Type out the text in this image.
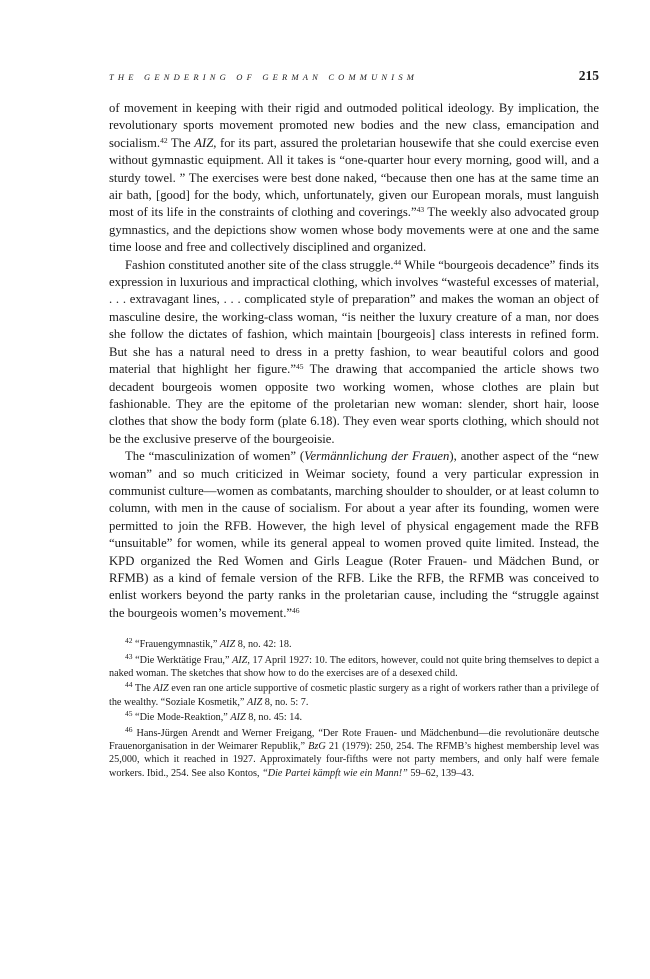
THE GENDERING OF GERMAN COMMUNISM	215

of movement in keeping with their rigid and outmoded political ideology. By implication, the revolutionary sports movement promoted new bodies and the new class, emancipation and socialism.$^{42}$ The AIZ, for its part, assured the proletarian housewife that she could exercise even without gymnastic equipment. All it takes is “one-quarter hour every morning, good will, and a sturdy towel. ” The exercises were best done naked, “because then one has at the same time an air bath, [good] for the body, which, unfortunately, given our European morals, must languish most of its life in the constraints of clothing and coverings.”$^{43}$ The weekly also advocated group gymnastics, and the depictions show women whose body movements were at one and the same time loose and free and collectively disciplined and organized.

Fashion constituted another site of the class struggle.$^{44}$ While “bourgeois decadence” finds its expression in luxurious and impractical clothing, which involves “wasteful excesses of material, . . . extravagant lines, . . . complicated style of preparation” and makes the woman an object of masculine desire, the working-class woman, “is neither the luxury creature of a man, nor does she follow the dictates of fashion, which maintain [bourgeois] class interests in refined form. But she has a natural need to dress in a pretty fashion, to wear beautiful colors and good material that highlight her figure.”$^{45}$ The drawing that accompanied the article shows two decadent bourgeois women opposite two working women, whose clothes are plain but fashionable. They are the epitome of the proletarian new woman: slender, short hair, loose clothes that show the body form (plate 6.18). They even wear sports clothing, which should not be the exclusive preserve of the bourgeoisie.

The “masculinization of women” (Vermännlichung der Frauen), another aspect of the “new woman” and so much criticized in Weimar society, found a very particular expression in communist culture—women as combatants, marching shoulder to shoulder, or at least column to column, with men in the cause of socialism. For about a year after its founding, women were permitted to join the RFB. However, the high level of physical engagement made the RFB “unsuitable” for women, while its general appeal to women proved quite limited. Instead, the KPD organized the Red Women and Girls League (Roter Frauen- und Mädchen Bund, or RFMB) as a kind of female version of the RFB. Like the RFB, the RFMB was conceived to enlist workers beyond the party ranks in the proletarian cause, including the “struggle against the bourgeois women’s movement.”$^{46}$

$^{42}$ “Frauengymnastik,” AIZ 8, no. 42: 18.

$^{43}$ “Die Werktätige Frau,” AIZ, 17 April 1927: 10. The editors, however, could not quite bring themselves to depict a naked woman. The sketches that show how to do the exercises are of a desexed child.

$^{44}$ The AIZ even ran one article supportive of cosmetic plastic surgery as a right of workers rather than a privilege of the wealthy. “Soziale Kosmetik,” AIZ 8, no. 5: 7.

$^{45}$ “Die Mode-Reaktion,” AIZ 8, no. 45: 14.

$^{46}$ Hans-Jürgen Arendt and Werner Freigang, “Der Rote Frauen- und Mädchenbund—die revolutionäre deutsche Frauenorganisation in der Weimarer Republik,” BzG 21 (1979): 250, 254. The RFMB’s highest membership level was 25,000, which it reached in 1927. Approximately four-fifths were not party members, and only half were female workers. Ibid., 254. See also Kontos, “Die Partei kämpft wie ein Mann!” 59–62, 139–43.
